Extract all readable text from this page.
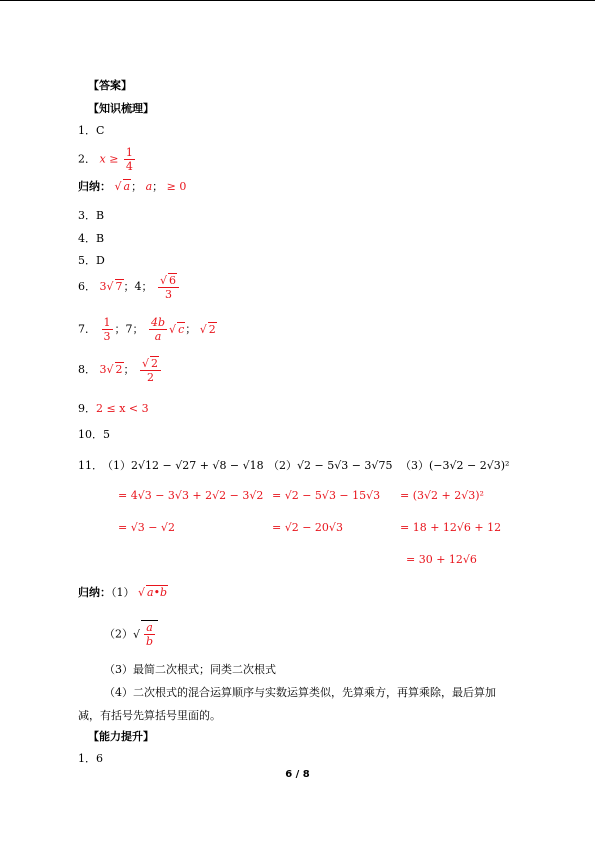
【答案】
【知识梳理】
1．C
2． $x \ge \frac{1}{4}$
归纳： √ a； a； ≥ 0
3．B
4．B
5．D
6． 3√ 7；4； $\frac{√ 6}{3}$
7． $\frac{1}{3}$ ；7； $\frac{4b}{a}$ √ c； √ 2
8． 3√ 2； $\frac{√ 2}{2}$
9．2 ≤ x < 3
10．5
11． （1）2√12 − √27 + √8 − √18
= 4√3 − 3√3 + 2√2 − 3√2
= √3 − √2
（2）√2 − 5√3 − 3√75
= √2 − 5√3 − 15√3
= √2 − 20√3
（3）(−3√2 − 2√3)²
= (3√2 + 2√3)²
= 18 + 12√6 + 12
= 30 + 12√6
归纳：（1） √ a•b
$(2)√ \frac{a}{b}$
（3）最简二次根式；同类二次根式
（4）二次根式的混合运算顺序与实数运算类似，先算乘方，再算乘除，最后算加
减，有括号先算括号里面的。
【能力提升】
1．6
6 / 8
